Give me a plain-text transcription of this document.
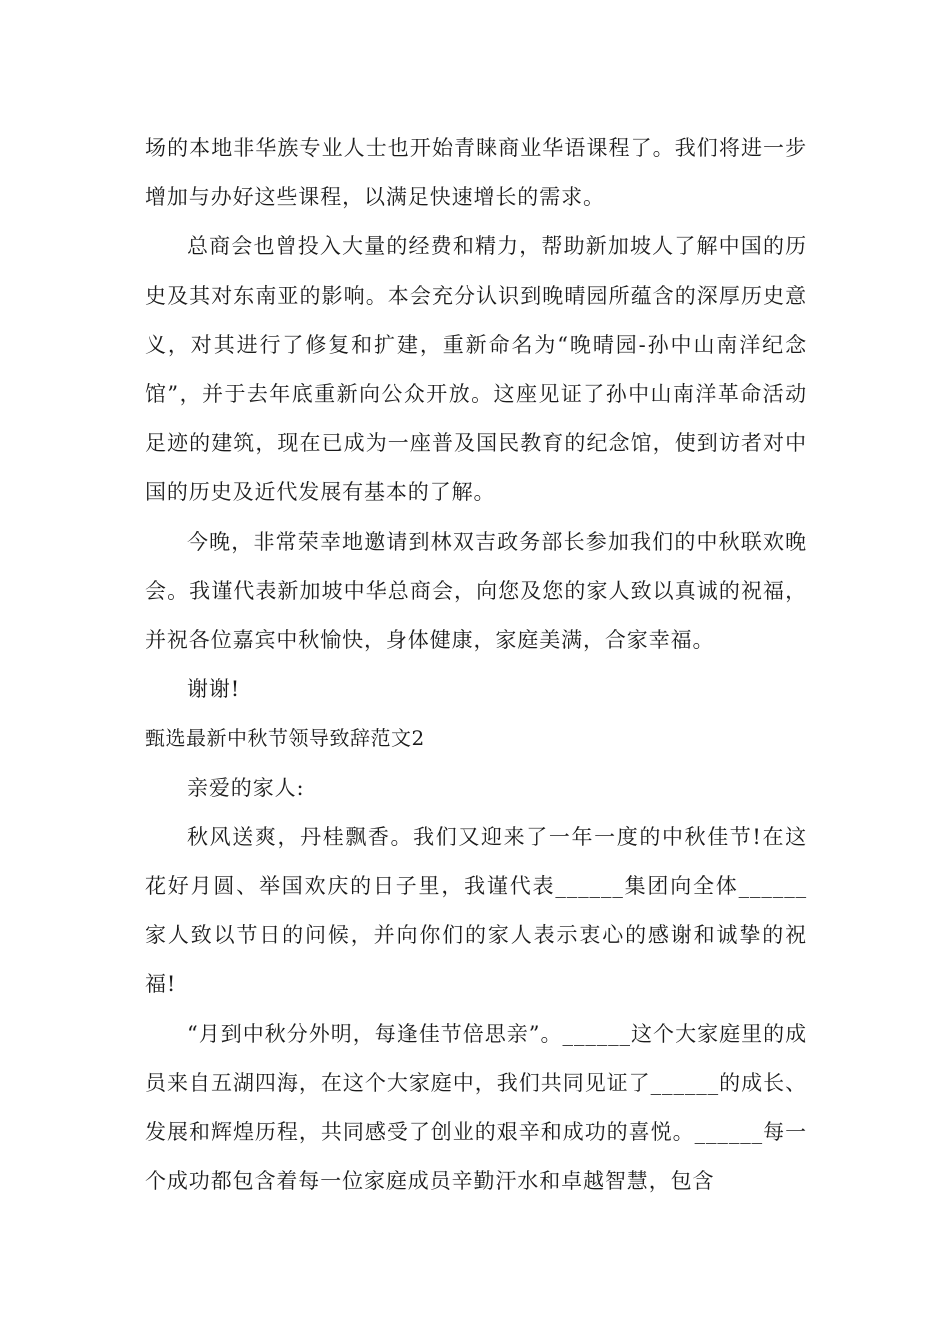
场的本地非华族专业人士也开始青睐商业华语课程了。我们将进一步增加与办好这些课程，以满足快速增长的需求。

总商会也曾投入大量的经费和精力，帮助新加坡人了解中国的历史及其对东南亚的影响。本会充分认识到晚晴园所蕴含的深厚历史意义，对其进行了修复和扩建，重新命名为“晚晴园-孙中山南洋纪念馆”，并于去年底重新向公众开放。这座见证了孙中山南洋革命活动足迹的建筑，现在已成为一座普及国民教育的纪念馆，使到访者对中国的历史及近代发展有基本的了解。

今晚，非常荣幸地邀请到林双吉政务部长参加我们的中秋联欢晚会。我谨代表新加坡中华总商会，向您及您的家人致以真诚的祝福，并祝各位嘉宾中秋愉快，身体健康，家庭美满，合家幸福。

谢谢!

甄选最新中秋节领导致辞范文2

亲爱的家人:

秋风送爽，丹桂飘香。我们又迎来了一年一度的中秋佳节!在这花好月圆、举国欢庆的日子里，我谨代表______集团向全体______家人致以节日的问候，并向你们的家人表示衷心的感谢和诚挚的祝福!

“月到中秋分外明，每逢佳节倍思亲”。______这个大家庭里的成员来自五湖四海，在这个大家庭中，我们共同见证了______的成长、发展和辉煌历程，共同感受了创业的艰辛和成功的喜悦。______每一个成功都包含着每一位家庭成员辛勤汗水和卓越智慧，包含
